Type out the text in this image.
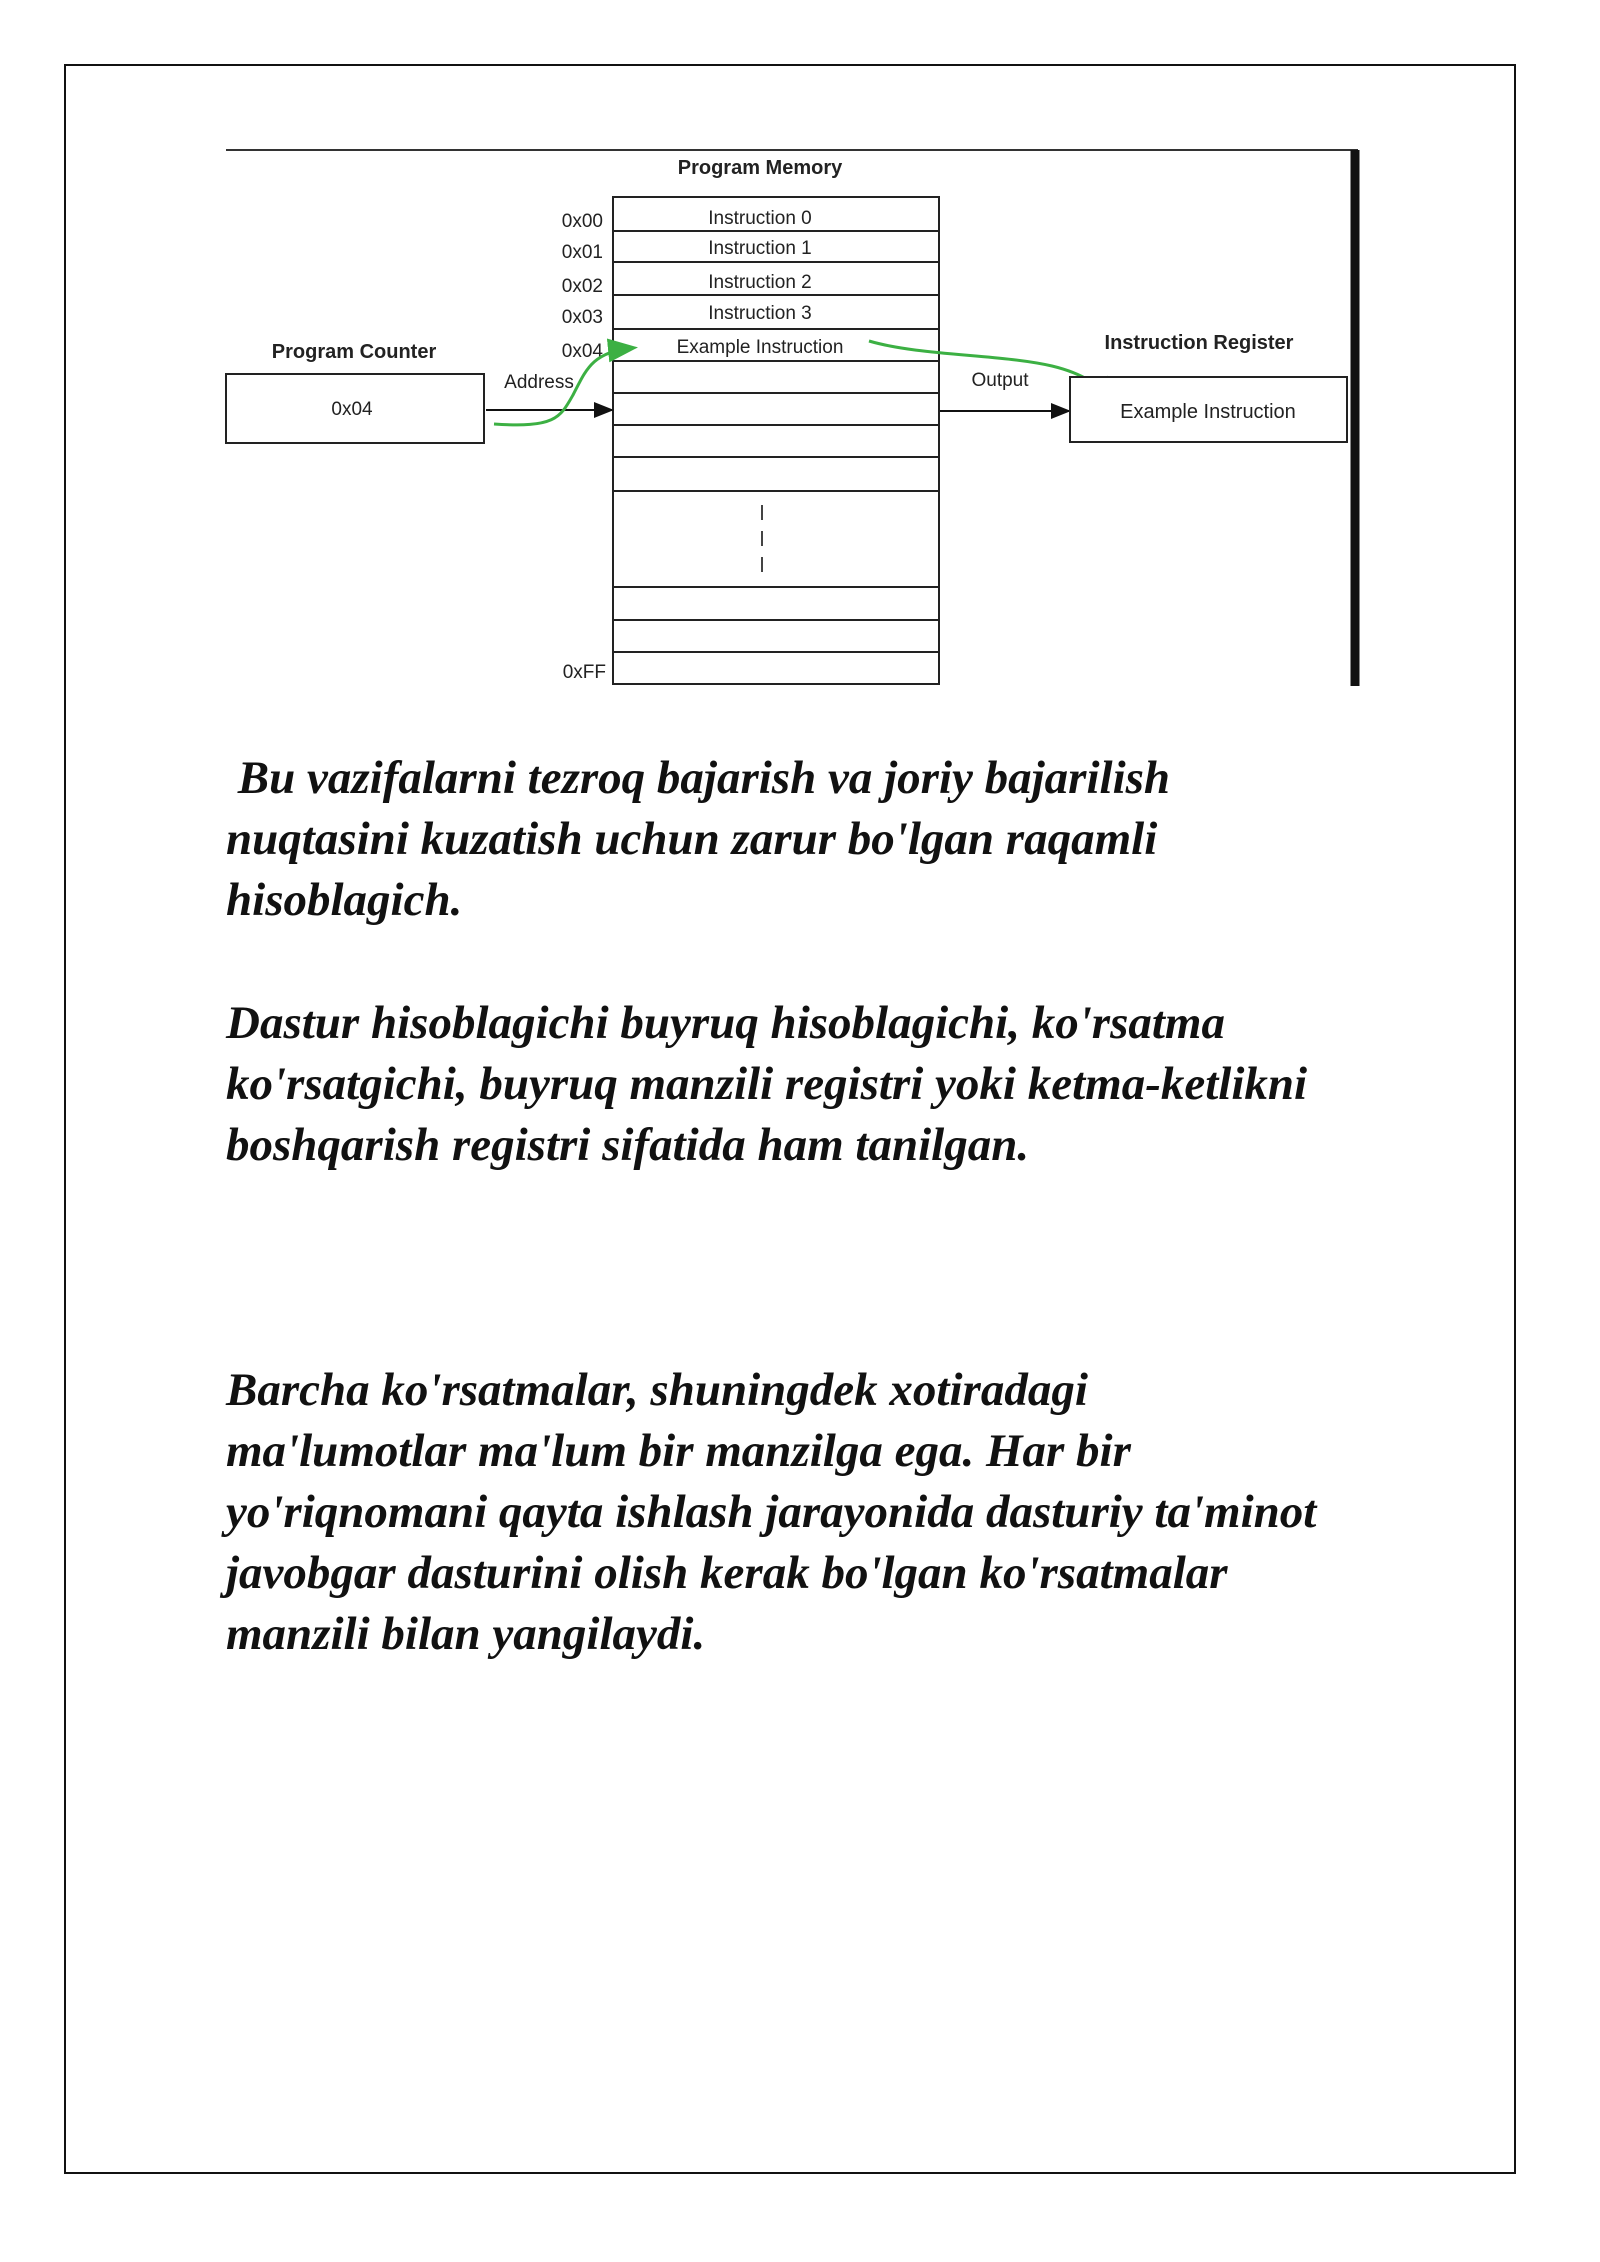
Program Memory
Instruction 0
Instruction 1
Instruction 2
Instruction 3
Example Instruction
0x00
0x01
0x02
0x03
0x04
0xFF
Program Counter
0x04
Address	Output
Instruction Register
Example Instruction

Bu vazifalarni tezroq bajarish va joriy bajarilish
nuqtasini kuzatish uchun zarur bo'lgan raqamli
hisoblagich.

Dastur hisoblagichi buyruq hisoblagichi, ko'rsatma
ko'rsatgichi, buyruq manzili registri yoki ketma-ketlikni
boshqarish registri sifatida ham tanilgan.

Barcha ko'rsatmalar, shuningdek xotiradagi
ma'lumotlar ma'lum bir manzilga ega. Har bir
yo'riqnomani qayta ishlash jarayonida dasturiy ta'minot
javobgar dasturini olish kerak bo'lgan ko'rsatmalar
manzili bilan yangilaydi.
